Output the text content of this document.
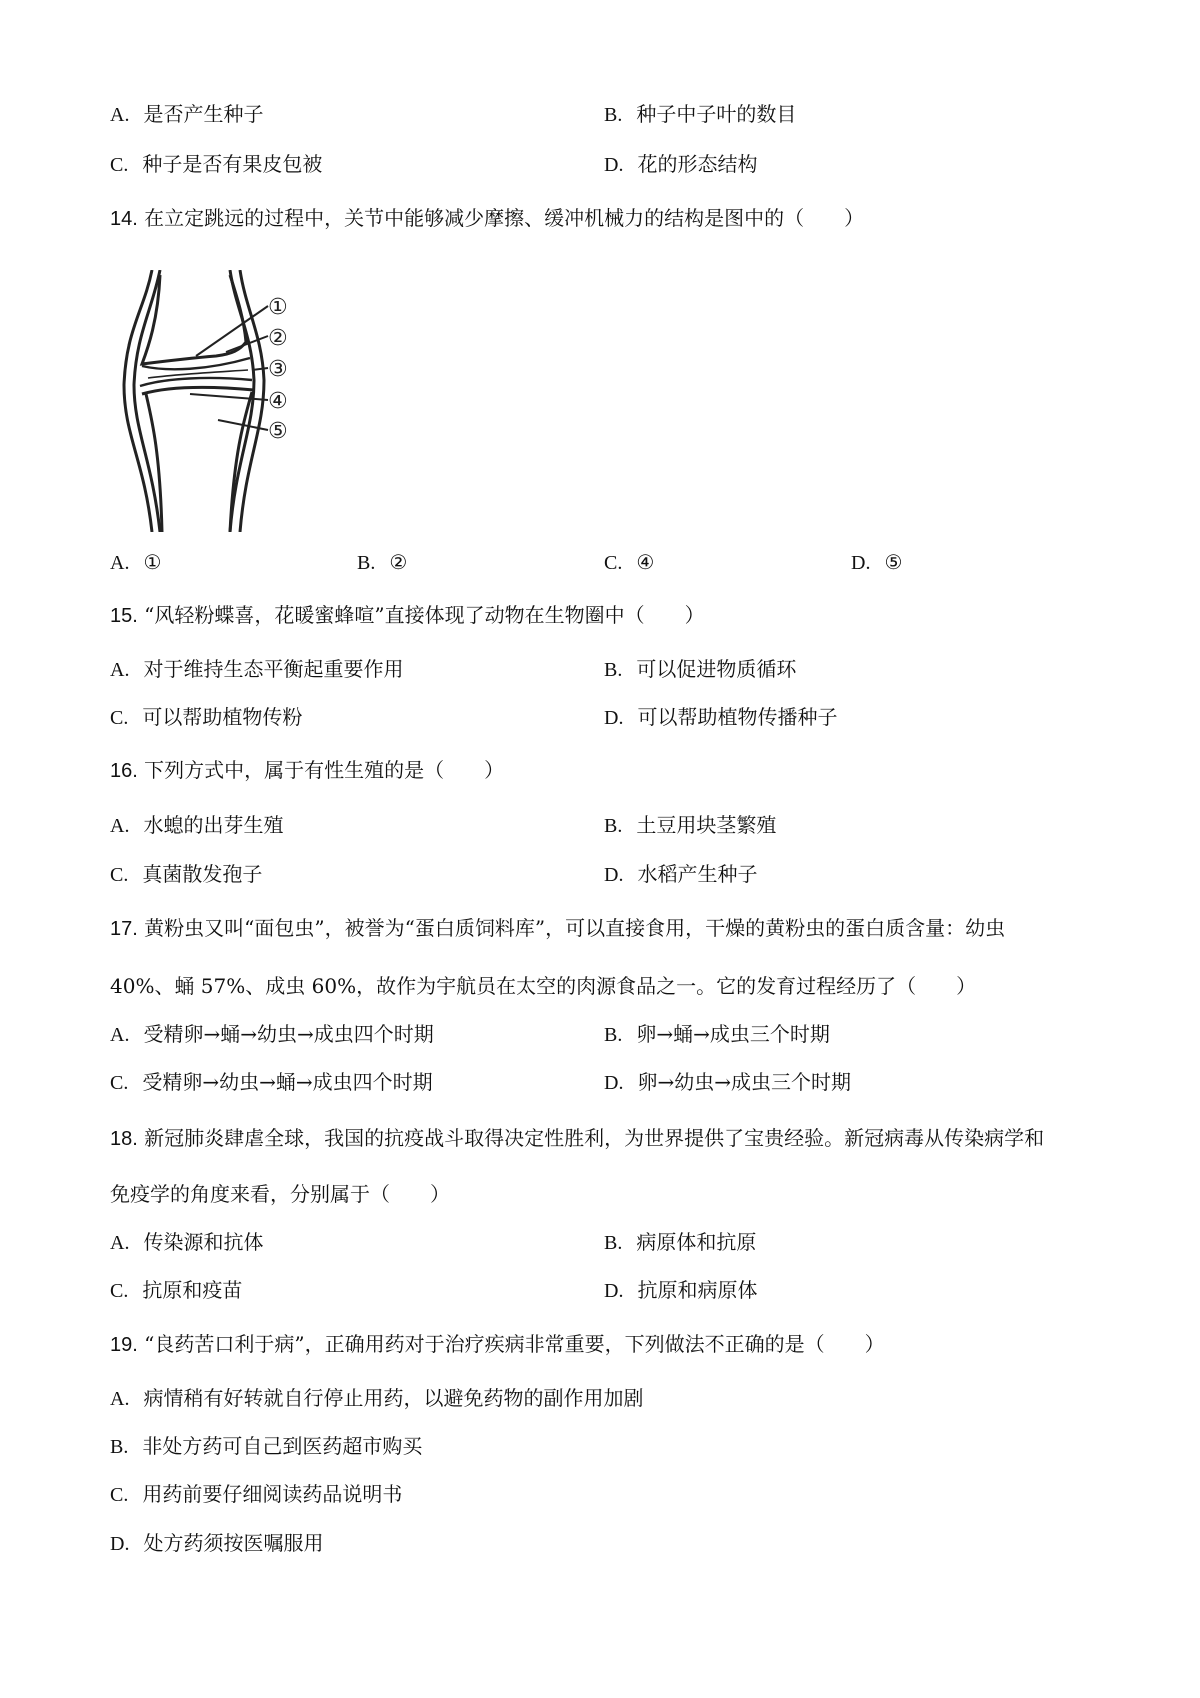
A. 是否产生种子	B. 种子中子叶的数目
C. 种子是否有果皮包被	D. 花的形态结构
14. 在立定跳远的过程中，关节中能够减少摩擦、缓冲机械力的结构是图中的（　　）
①
②
③
④
⑤
A. ①	B. ②	C. ④	D. ⑤
15. “风轻粉蝶喜，花暖蜜蜂喧”直接体现了动物在生物圈中（　　）
A. 对于维持生态平衡起重要作用	B. 可以促进物质循环
C. 可以帮助植物传粉	D. 可以帮助植物传播种子
16. 下列方式中，属于有性生殖的是（　　）
A. 水螅的出芽生殖	B. 土豆用块茎繁殖
C. 真菌散发孢子	D. 水稻产生种子
17. 黄粉虫又叫“面包虫”，被誉为“蛋白质饲料库”，可以直接食用，干燥的黄粉虫的蛋白质含量：幼虫
40%、蛹 57%、成虫 60%，故作为宇航员在太空的肉源食品之一。它的发育过程经历了（　　）
A. 受精卵→蛹→幼虫→成虫四个时期	B. 卵→蛹→成虫三个时期
C. 受精卵→幼虫→蛹→成虫四个时期	D. 卵→幼虫→成虫三个时期
18. 新冠肺炎肆虐全球，我国的抗疫战斗取得决定性胜利，为世界提供了宝贵经验。新冠病毒从传染病学和
免疫学的角度来看，分别属于（　　）
A. 传染源和抗体	B. 病原体和抗原
C. 抗原和疫苗	D. 抗原和病原体
19. “良药苦口利于病”，正确用药对于治疗疾病非常重要，下列做法不正确的是（　　）
A. 病情稍有好转就自行停止用药，以避免药物的副作用加剧
B. 非处方药可自己到医药超市购买
C. 用药前要仔细阅读药品说明书
D. 处方药须按医嘱服用
